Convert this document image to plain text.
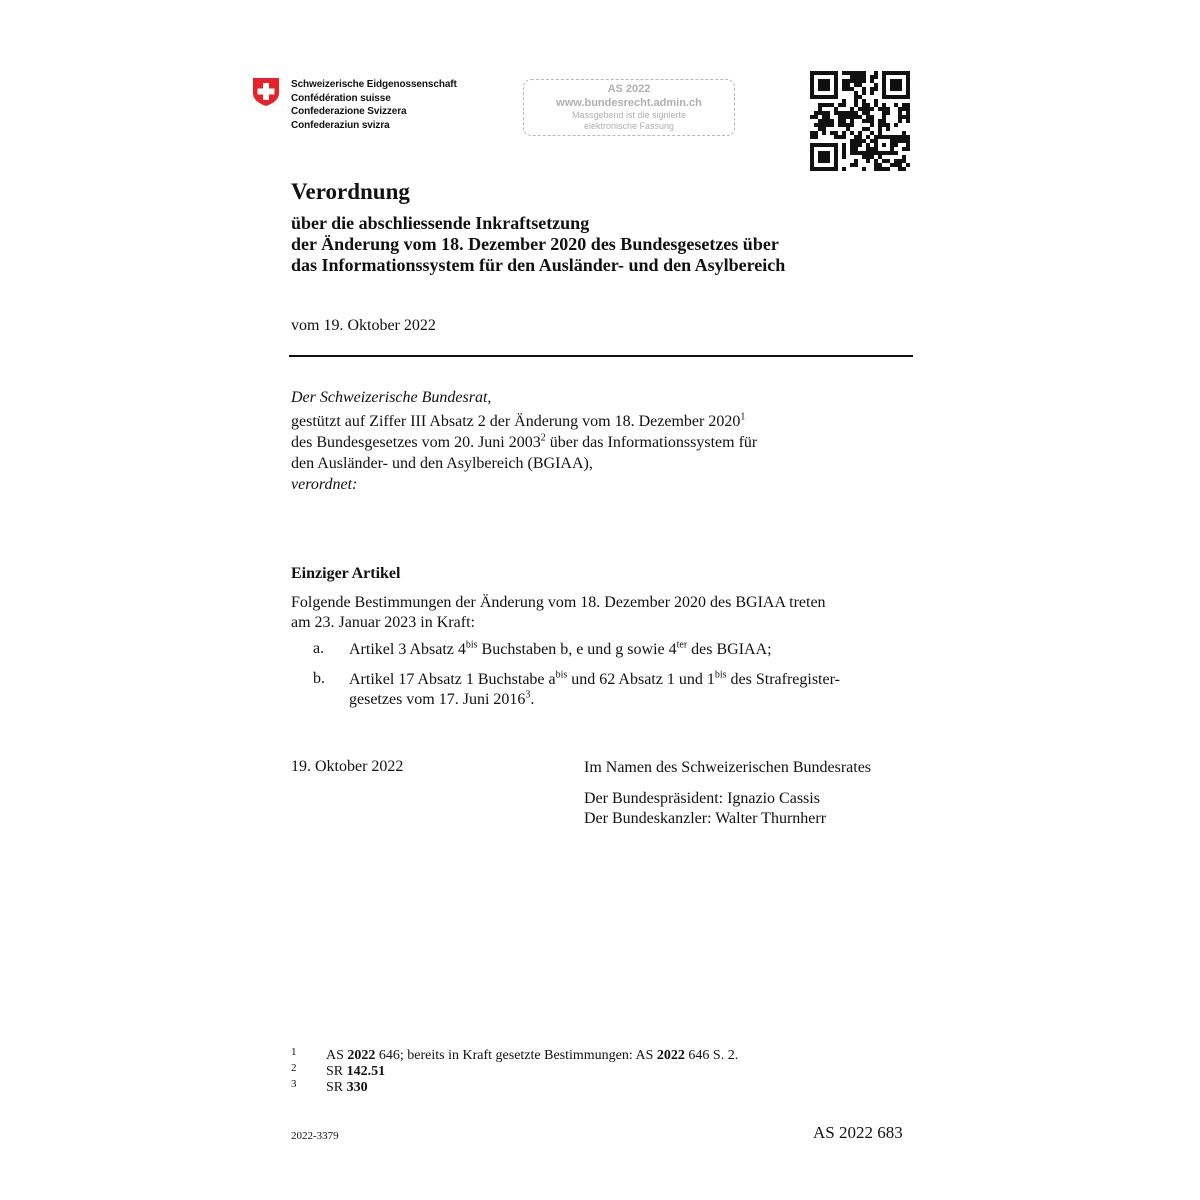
Schweizerische Eidgenossenschaft
Confédération suisse
Confederazione Svizzera
Confederaziun svizra
AS 2022
www.bundesrecht.admin.ch
Massgebend ist die signierte
elektronische Fassung
Verordnung
über die abschliessende Inkraftsetzung
der Änderung vom 18. Dezember 2020 des Bundesgesetzes über
das Informationssystem für den Ausländer- und den Asylbereich
vom 19. Oktober 2022
Der Schweizerische Bundesrat,
gestützt auf Ziffer III Absatz 2 der Änderung vom 18. Dezember 2020$^1$
des Bundesgesetzes vom 20. Juni 2003$^2$ über das Informationssystem für
den Ausländer- und den Asylbereich (BGIAA),
verordnet:
Einziger Artikel
Folgende Bestimmungen der Änderung vom 18. Dezember 2020 des BGIAA treten
am 23. Januar 2023 in Kraft:
a. Artikel 3 Absatz $4^{bis}$ Buchstaben b, e und g sowie $4^{ter}$ des BGIAA;
b. Artikel 17 Absatz 1 Buchstabe $a^{bis}$ und 62 Absatz 1 und $1^{bis}$ des Strafregister-
gesetzes vom 17. Juni 2016$^3$.
19. Oktober 2022	Im Namen des Schweizerischen Bundesrates
Der Bundespräsident: Ignazio Cassis
Der Bundeskanzler: Walter Thurnherr
1 AS 2022 646; bereits in Kraft gesetzte Bestimmungen: AS 2022 646 S. 2.
2 SR 142.51
3 SR 330
2022-3379	AS 2022 683
